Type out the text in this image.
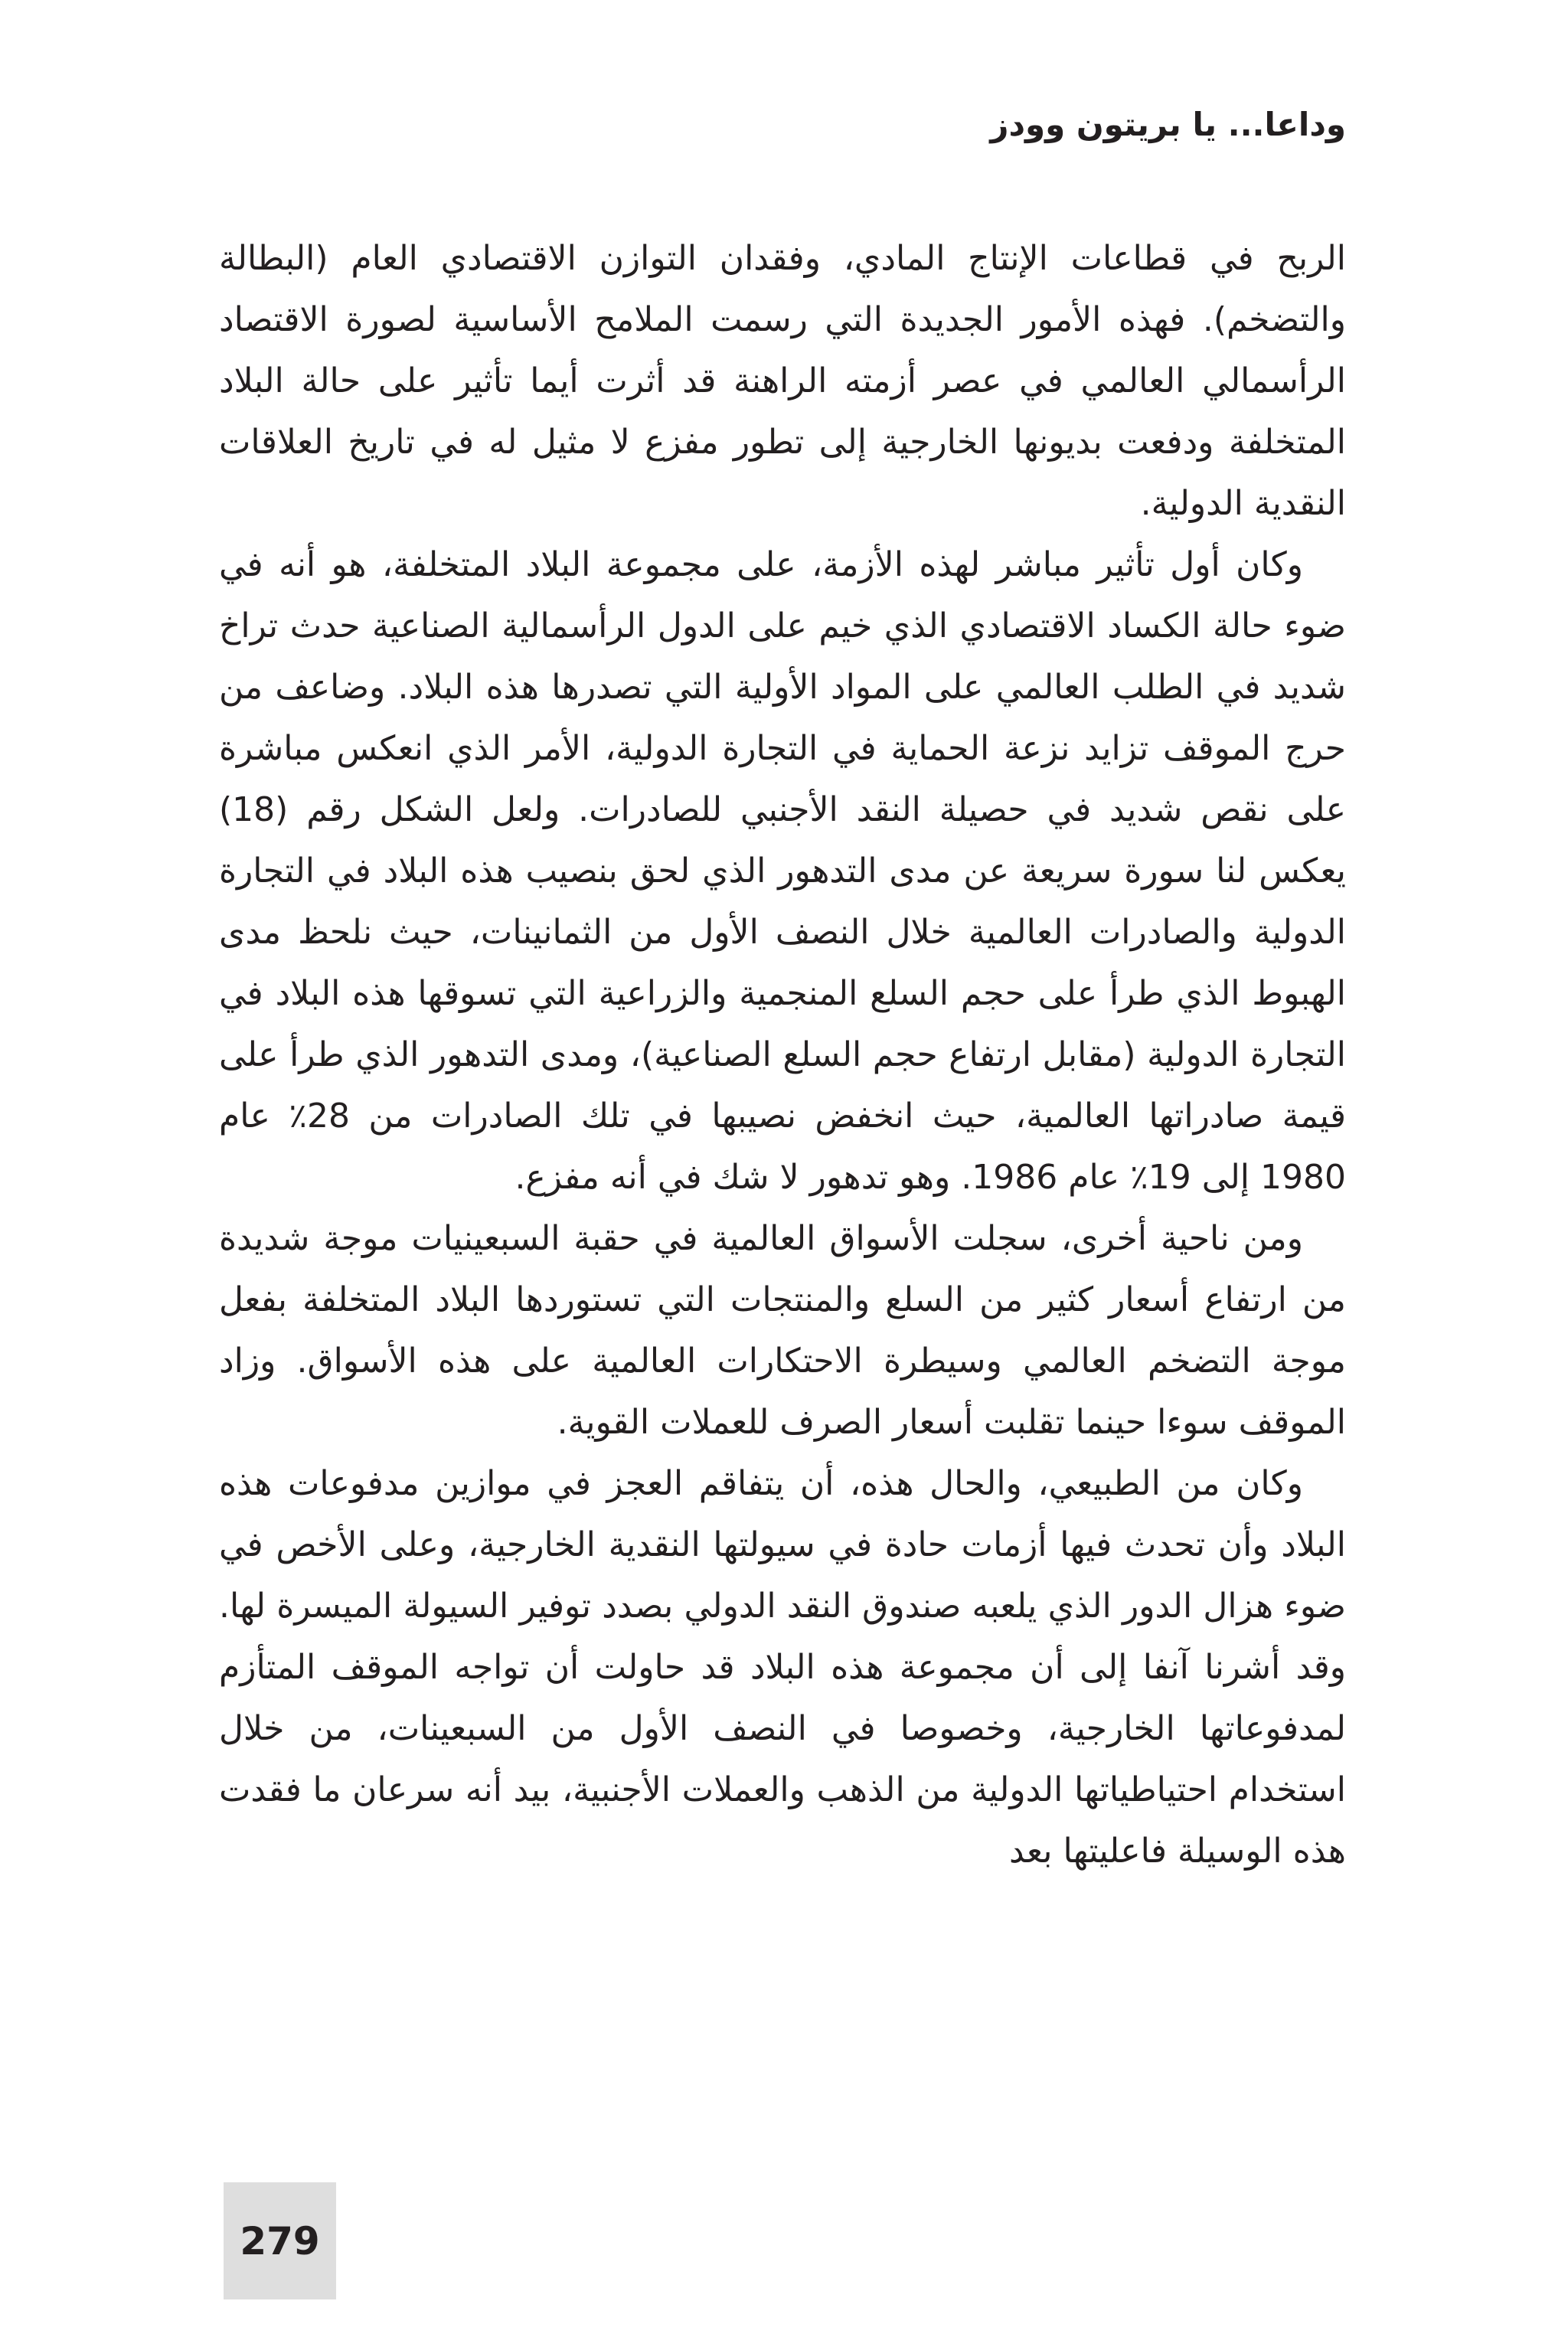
وداعا... يا بريتون وودز

الربح في قطاعات الإنتاج المادي، وفقدان التوازن الاقتصادي العام (البطالة والتضخم). فهذه الأمور الجديدة التي رسمت الملامح الأساسية لصورة الاقتصاد الرأسمالي العالمي في عصر أزمته الراهنة قد أثرت أيما تأثير على حالة البلاد المتخلفة ودفعت بديونها الخارجية إلى تطور مفزع لا مثيل له في تاريخ العلاقات النقدية الدولية.

وكان أول تأثير مباشر لهذه الأزمة، على مجموعة البلاد المتخلفة، هو أنه في ضوء حالة الكساد الاقتصادي الذي خيم على الدول الرأسمالية الصناعية حدث تراخ شديد في الطلب العالمي على المواد الأولية التي تصدرها هذه البلاد. وضاعف من حرج الموقف تزايد نزعة الحماية في التجارة الدولية، الأمر الذي انعكس مباشرة على نقص شديد في حصيلة النقد الأجنبي للصادرات. ولعل الشكل رقم (18) يعكس لنا سورة سريعة عن مدى التدهور الذي لحق بنصيب هذه البلاد في التجارة الدولية والصادرات العالمية خلال النصف الأول من الثمانينات، حيث نلحظ مدى الهبوط الذي طرأ على حجم السلع المنجمية والزراعية التي تسوقها هذه البلاد في التجارة الدولية (مقابل ارتفاع حجم السلع الصناعية)، ومدى التدهور الذي طرأ على قيمة صادراتها العالمية، حيث انخفض نصيبها في تلك الصادرات من 28٪ عام 1980 إلى 19٪ عام 1986. وهو تدهور لا شك في أنه مفزع.

ومن ناحية أخرى، سجلت الأسواق العالمية في حقبة السبعينيات موجة شديدة من ارتفاع أسعار كثير من السلع والمنتجات التي تستوردها البلاد المتخلفة بفعل موجة التضخم العالمي وسيطرة الاحتكارات العالمية على هذه الأسواق. وزاد الموقف سوءا حينما تقلبت أسعار الصرف للعملات القوية.

وكان من الطبيعي، والحال هذه، أن يتفاقم العجز في موازين مدفوعات هذه البلاد وأن تحدث فيها أزمات حادة في سيولتها النقدية الخارجية، وعلى الأخص في ضوء هزال الدور الذي يلعبه صندوق النقد الدولي بصدد توفير السيولة الميسرة لها. وقد أشرنا آنفا إلى أن مجموعة هذه البلاد قد حاولت أن تواجه الموقف المتأزم لمدفوعاتها الخارجية، وخصوصا في النصف الأول من السبعينات، من خلال استخدام احتياطياتها الدولية من الذهب والعملات الأجنبية، بيد أنه سرعان ما فقدت هذه الوسيلة فاعليتها بعد

279
